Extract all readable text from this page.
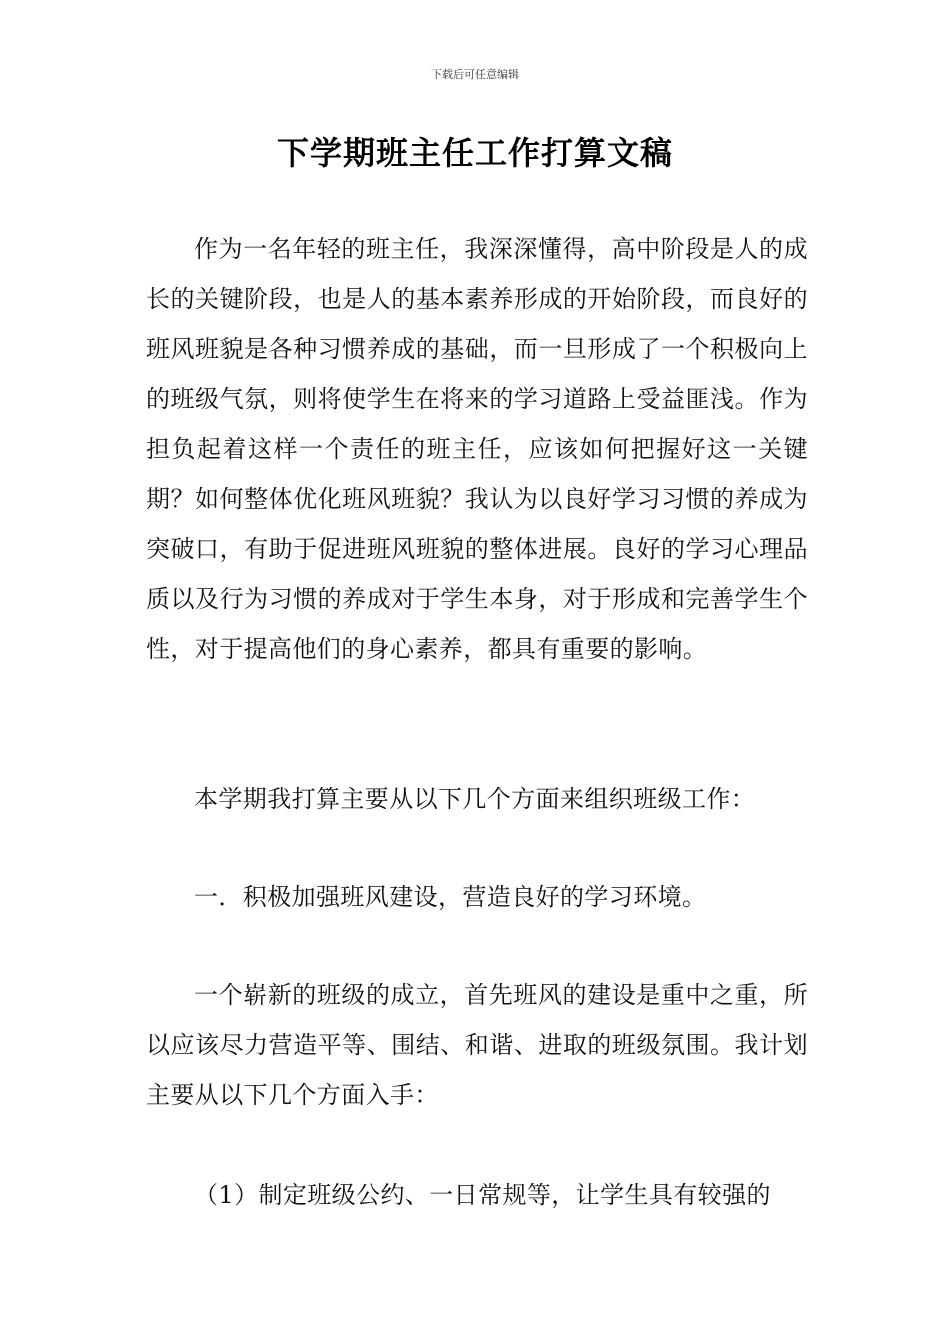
下载后可任意编辑
下学期班主任工作打算文稿

作为一名年轻的班主任，我深深懂得，高中阶段是人的成长的关键阶段，也是人的基本素养形成的开始阶段，而良好的班风班貌是各种习惯养成的基础，而一旦形成了一个积极向上的班级气氛，则将使学生在将来的学习道路上受益匪浅。作为担负起着这样一个责任的班主任，应该如何把握好这一关键期？如何整体优化班风班貌？我认为以良好学习习惯的养成为突破口，有助于促进班风班貌的整体进展。良好的学习心理品质以及行为习惯的养成对于学生本身，对于形成和完善学生个性，对于提高他们的身心素养，都具有重要的影响。

本学期我打算主要从以下几个方面来组织班级工作：

一．积极加强班风建设，营造良好的学习环境。

一个崭新的班级的成立，首先班风的建设是重中之重，所以应该尽力营造平等、围结、和谐、进取的班级氛围。我计划主要从以下几个方面入手：

（1）制定班级公约、一日常规等，让学生具有较强的
